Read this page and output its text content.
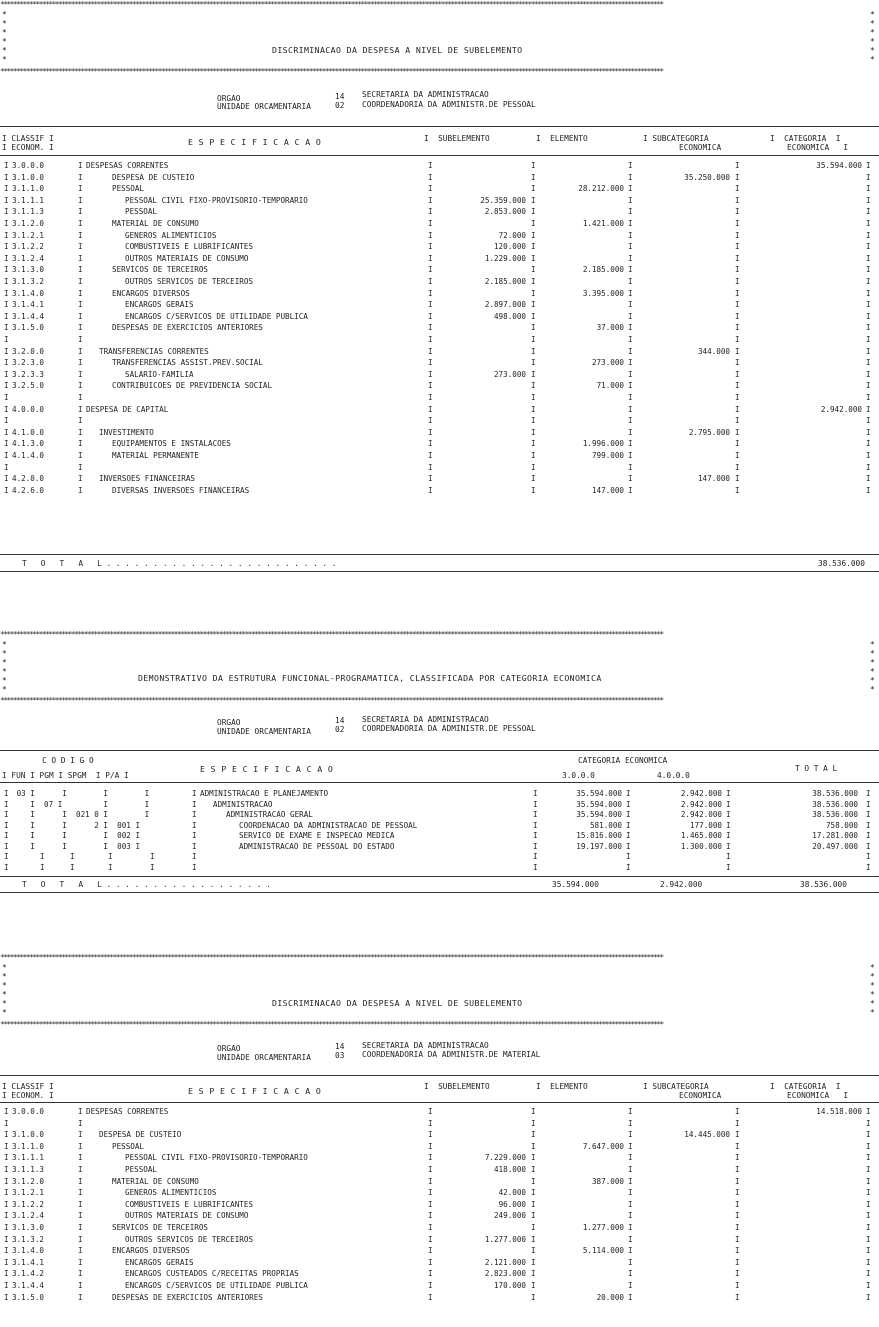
**************************************************************************************************************************************************************************************************************
*
*
*
*
*
*
*
*
*
*
*
*
DISCRIMINACAO DA DESPESA A NIVEL DE SUBELEMENTO
**************************************************************************************************************************************************************************************************************
ORGAO	14 SECRETARIA DA ADMINISTRACAO
UNIDADE ORCAMENTARIA	02 COORDENADORIA DA ADMINISTR.DE PESSOAL
I CLASSIF I
I ECONOM. I
E S P E C I F I C A C A O	I  SUBELEMENTO	I  ELEMENTO	I SUBCATEGORIA
ECONOMICA
I  CATEGORIA  I
ECONOMICA   I
I 3.0.0.0	I DESPESAS CORRENTES	I	I	I	I	35.594.000 I
I 3.1.0.0	I	DESPESA DE CUSTEIO	I	I	I	35.250.000 I	I
I 3.1.1.0	I	PESSOAL	I	I	28.212.000 I	I	I
I 3.1.1.1	I	PESSOAL CIVIL FIXO-PROVISORIO-TEMPORARIO	I	25.359.000 I	I	I	I
I 3.1.1.3	I	PESSOAL	I	2.853.000 I	I	I	I
I 3.1.2.0	I	MATERIAL DE CONSUMO	I	I	1.421.000 I	I	I
I 3.1.2.1	I	GENEROS ALIMENTICIOS	I	72.000 I	I	I	I
I 3.1.2.2	I	COMBUSTIVEIS E LUBRIFICANTES	I	120.000 I	I	I	I
I 3.1.2.4	I	OUTROS MATERIAIS DE CONSUMO	I	1.229.000 I	I	I	I
I 3.1.3.0	I	SERVICOS DE TERCEIROS	I	I	2.185.000 I	I	I
I 3.1.3.2	I	OUTROS SERVICOS DE TERCEIROS	I	2.185.000 I	I	I	I
I 3.1.4.0	I	ENCARGOS DIVERSOS	I	I	3.395.000 I	I	I
I 3.1.4.1	I	ENCARGOS GERAIS	I	2.897.000 I	I	I	I
I 3.1.4.4	I	ENCARGOS C/SERVICOS DE UTILIDADE PUBLICA	I	498.000 I	I	I	I
I 3.1.5.0	I	DESPESAS DE EXERCICIOS ANTERIORES	I	I	37.000 I	I	I
I	I	I	I	I	I	I
I 3.2.0.0	I TRANSFERENCIAS CORRENTES	I	I	I	344.000 I	I
I 3.2.3.0	I	TRANSFERENCIAS ASSIST.PREV.SOCIAL	I	I	273.000 I	I	I
I 3.2.3.3	I	SALARIO-FAMILIA	I	273.000 I	I	I	I
I 3.2.5.0	I	CONTRIBUICOES DE PREVIDENCIA SOCIAL	I	I	71.000 I	I	I
I	I	I	I	I	I	I
I 4.0.0.0	I DESPESA DE CAPITAL	I	I	I	I	2.942.000 I
I	I	I	I	I	I	I
I 4.1.0.0	I INVESTIMENTO	I	I	I	2.795.000 I	I
I 4.1.3.0	I	EQUIPAMENTOS E INSTALACOES	I	I	1.996.000 I	I	I
I 4.1.4.0	I	MATERIAL PERMANENTE	I	I	799.000 I	I	I
I	I	I	I	I	I	I
I 4.2.0.0	I INVERSOES FINANCEIRAS	I	I	I	147.000 I	I
I 4.2.6.0	I	DIVERSAS INVERSOES FINANCEIRAS	I	I	147.000 I	I	I
T   O   T   A   L . . . . . . . . . . . . . . . . . . . . . . . . .	38.536.000
**************************************************************************************************************************************************************************************************************
*
*
*
*
*
*
*
*
*
*
*
*
DEMONSTRATIVO DA ESTRUTURA FUNCIONAL-PROGRAMATICA, CLASSIFICADA POR CATEGORIA ECONOMICA
**************************************************************************************************************************************************************************************************************
ORGAO	14 SECRETARIA DA ADMINISTRACAO
UNIDADE ORCAMENTARIA	02 COORDENADORIA DA ADMINISTR.DE PESSOAL
C O D I G O
I FUN I PGM I SPGM  I P/A I
E S P E C I F I C A C A O
CATEGORIA ECONOMICA
3.0.0.0	4.0.0.0
T O T A L
I 03 I      I        I        I	I ADMINISTRACAO E PLANEJAMENTO	I	35.594.000 I	2.942.000 I	38.536.000 I
I I  07 I         I        I	I ADMINISTRACAO	I	35.594.000 I	2.942.000 I	38.536.000 I
I I      I  021 0 I        I	I	ADMINISTRACAO GERAL	I	35.594.000 I	2.942.000 I	38.536.000 I
I I      I      2 I  001 I	I	COORDENACAO DA ADMINISTRACAO DE PESSOAL	I	581.000 I	177.000 I	758.000 I
I I      I        I  002 I	I	SERVICO DE EXAME E INSPECAO MEDICA	I	15.816.000 I	1.465.000 I	17.281.000 I
I I      I        I  003 I	I	ADMINISTRACAO DE PESSOAL DO ESTADO	I	19.197.000 I	1.300.000 I	20.497.000 I
I	I	I	I	I	I	I	I	I	I
I	I	I	I	I	I	I	I	I	I
T   O   T   A   L . . . . . . . . . . . . . . . . . .	35.594.000	2.942.000	38.536.000
**************************************************************************************************************************************************************************************************************
*
*
*
*
*
*
*
*
*
*
*
*
DISCRIMINACAO DA DESPESA A NIVEL DE SUBELEMENTO
**************************************************************************************************************************************************************************************************************
ORGAO	14 SECRETARIA DA ADMINISTRACAO
UNIDADE ORCAMENTARIA	03 COORDENADORIA DA ADMINISTR.DE MATERIAL
I CLASSIF I
I ECONOM. I	E S P E C I F I C A C A O	I  SUBELEMENTO	I  ELEMENTO	I SUBCATEGORIA
ECONOMICA
I  CATEGORIA  I
ECONOMICA   I
I 3.0.0.0	I DESPESAS CORRENTES	I	I	I	I	14.518.000 I
I	I	I	I	I	I	I
I 3.1.0.0	I DESPESA DE CUSTEIO	I	I	I	14.445.000 I	I
I 3.1.1.0	I	PESSOAL	I	I	7.647.000 I	I	I
I 3.1.1.1	I	PESSOAL CIVIL FIXO-PROVISORIO-TEMPORARIO	I	7.229.000 I	I	I	I
I 3.1.1.3	I	PESSOAL	I	418.000 I	I	I	I
I 3.1.2.0	I	MATERIAL DE CONSUMO	I	I	387.000 I	I	I
I 3.1.2.1	I	GENEROS ALIMENTICIOS	I	42.000 I	I	I	I
I 3.1.2.2	I	COMBUSTIVEIS E LUBRIFICANTES	I	96.000 I	I	I	I
I 3.1.2.4	I	OUTROS MATERIAIS DE CONSUMO	I	249.000 I	I	I	I
I 3.1.3.0	I	SERVICOS DE TERCEIROS	I	I	1.277.000 I	I	I
I 3.1.3.2	I	OUTROS SERVICOS DE TERCEIROS	I	1.277.000 I	I	I	I
I 3.1.4.0	I	ENCARGOS DIVERSOS	I	I	5.114.000 I	I	I
I 3.1.4.1	I	ENCARGOS GERAIS	I	2.121.000 I	I	I	I
I 3.1.4.2	I	ENCARGOS CUSTEADOS C/RECEITAS PROPRIAS	I	2.823.000 I	I	I	I
I 3.1.4.4	I	ENCARGOS C/SERVICOS DE UTILIDADE PUBLICA	I	170.000 I	I	I	I
I 3.1.5.0	I	DESPESAS DE EXERCICIOS ANTERIORES	I	I	20.000 I	I	I
